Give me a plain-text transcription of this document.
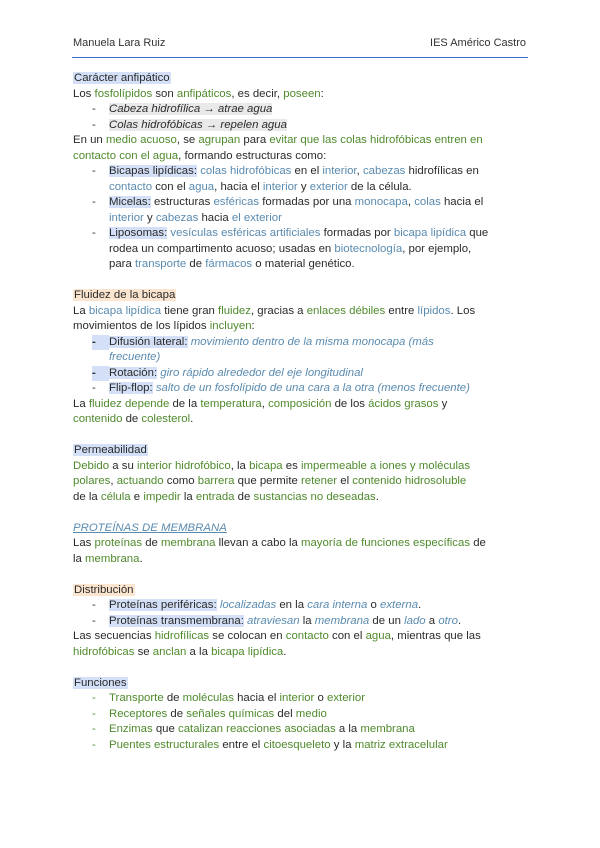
Manuela Lara Ruiz	IES Américo Castro
Carácter anfipático
Los fosfolípidos son anfipáticos, es decir, poseen:
- Cabeza hidrofílica → atrae agua
- Colas hidrofóbicas → repelen agua
En un medio acuoso, se agrupan para evitar que las colas hidrofóbicas entren en
contacto con el agua, formando estructuras como:
- Bicapas lipídicas: colas hidrofóbicas en el interior, cabezas hidrofílicas en
contacto con el agua, hacia el interior y exterior de la célula.
- Micelas: estructuras esféricas formadas por una monocapa, colas hacia el
interior y cabezas hacia el exterior
- Liposomas: vesículas esféricas artificiales formadas por bicapa lipídica que
rodea un compartimento acuoso; usadas en biotecnología, por ejemplo,
para transporte de fármacos o material genético.
Fluidez de la bicapa
La bicapa lipídica tiene gran fluidez, gracias a enlaces débiles entre lípidos. Los
movimientos de los lípidos incluyen:
- Difusión lateral: movimiento dentro de la misma monocapa (más
frecuente)
- Rotación: giro rápido alrededor del eje longitudinal
- Flip-flop: salto de un fosfolípido de una cara a la otra (menos frecuente)
La fluidez depende de la temperatura, composición de los ácidos grasos y
contenido de colesterol.
Permeabilidad
Debido a su interior hidrofóbico, la bicapa es impermeable a iones y moléculas
polares, actuando como barrera que permite retener el contenido hidrosoluble
de la célula e impedir la entrada de sustancias no deseadas.
PROTEÍNAS DE MEMBRANA
Las proteínas de membrana llevan a cabo la mayoría de funciones específicas de
la membrana.
Distribución
- Proteínas periféricas: localizadas en la cara interna o externa.
- Proteínas transmembrana: atraviesan la membrana de un lado a otro.
Las secuencias hidrofílicas se colocan en contacto con el agua, mientras que las
hidrofóbicas se anclan a la bicapa lipídica.
Funciones
- Transporte de moléculas hacia el interior o exterior
- Receptores de señales químicas del medio
- Enzimas que catalizan reacciones asociadas a la membrana
- Puentes estructurales entre el citoesqueleto y la matriz extracelular
